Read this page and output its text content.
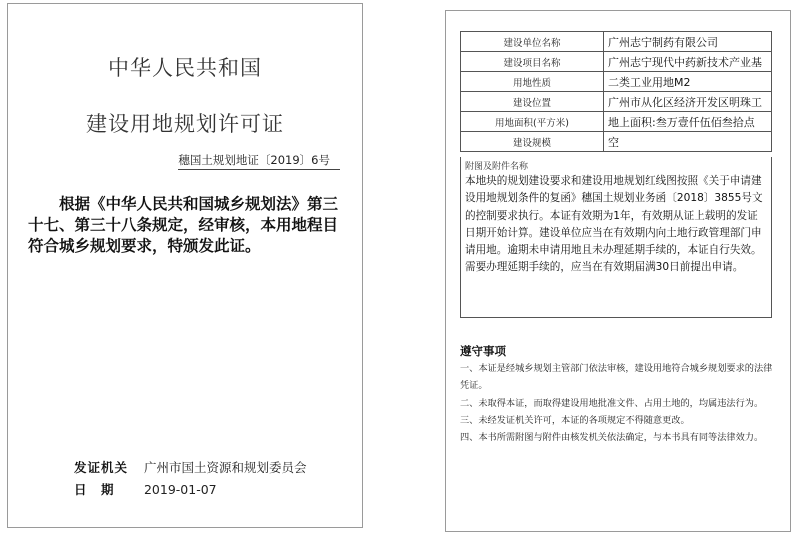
中华人民共和国
建设用地规划许可证
穗国土规划地证〔2019〕6号
根据《中华人民共和国城乡规划法》第三十七、第三十八条规定，经审核，本用地程目符合城乡规划要求，特颁发此证。
发证机关 广州市国土资源和规划委员会
日　期 2019-01-07
建设单位名称	广州志宁制药有限公司
建设项目名称	广州志宁现代中药新技术产业基
用地性质	二类工业用地M2
建设位置	广州市从化区经济开发区明珠工
用地面积(平方米)	地上面积:叁万壹仟伍佰叁拾点
建设规模	空
附图及附件名称
本地块的规划建设要求和建设用地规划红线图按照《关于申请建设用地规划条件的复函》穗国土规划业务函〔2018〕3855号文的控制要求执行。本证有效期为1年，有效期从证上载明的发证日期开始计算。建设单位应当在有效期内向土地行政管理部门申请用地。逾期未申请用地且未办理延期手续的，本证自行失效。需要办理延期手续的，应当在有效期届满30日前提出申请。
遵守事项
一、本证是经城乡规划主管部门依法审核，建设用地符合城乡规划要求的法律凭证。
二、未取得本证，而取得建设用地批准文件、占用土地的，均属违法行为。
三、未经发证机关许可，本证的各项规定不得随意更改。
四、本书所需附图与附件由核发机关依法确定，与本书具有同等法律效力。
